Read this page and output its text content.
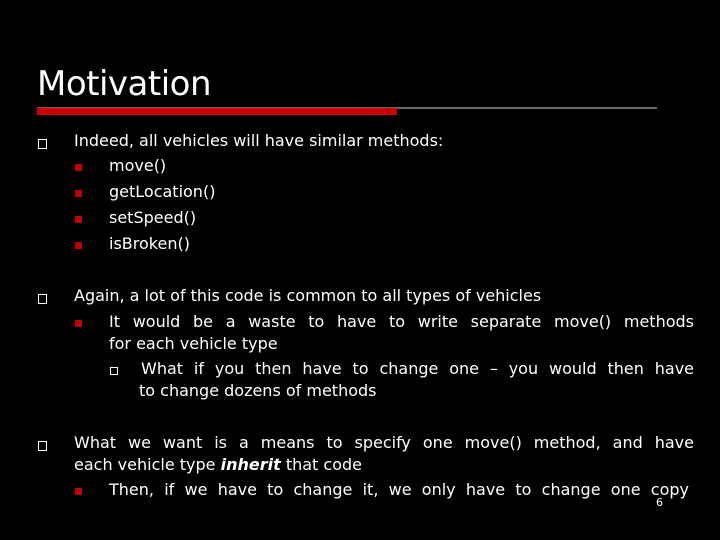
Motivation
Indeed, all vehicles will have similar methods:
move()
getLocation()
setSpeed()
isBroken()
Again, a lot of this code is common to all types of vehicles
It would be a waste to have to write separate move() methods
for each vehicle type
What if you then have to change one – you would then have
to change dozens of methods
What we want is a means to specify one move() method, and have
each vehicle type inherit that code
Then, if we have to change it, we only have to change one copy
6
